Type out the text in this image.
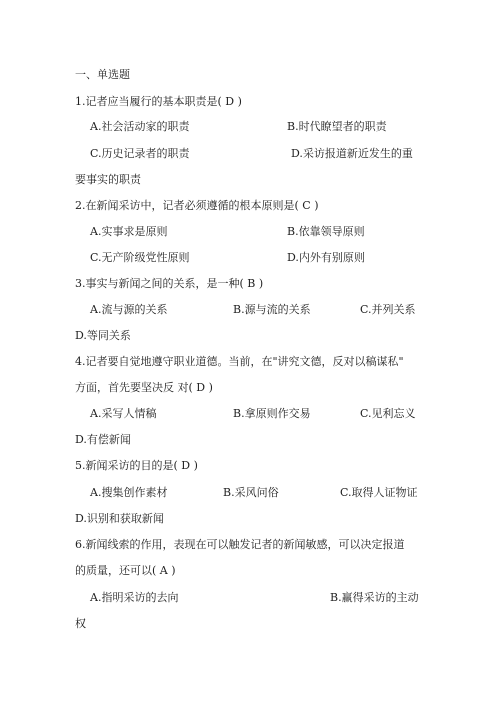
一、单选题
1.记者应当履行的基本职责是( D )
A.社会活动家的职责	B.时代瞭望者的职责
C.历史记录者的职责	D.采访报道新近发生的重
要事实的职责
2.在新闻采访中，记者必须遵循的根本原则是( C )
A.实事求是原则	B.依靠领导原则
C.无产阶级党性原则	D.内外有别原则
3.事实与新闻之间的关系，是一种( B )
A.流与源的关系	B.源与流的关系	C.并列关系
D.等同关系
4.记者要自觉地遵守职业道德。当前，在"讲究文德，反对以稿谋私"
方面，首先要坚决反 对( D )
A.采写人情稿	B.拿原则作交易	C.见利忘义
D.有偿新闻
5.新闻采访的目的是( D )
A.搜集创作素材	B.采风问俗	C.取得人证物证
D.识别和获取新闻
6.新闻线索的作用，表现在可以触发记者的新闻敏感，可以决定报道
的质量，还可以( A )
A.指明采访的去向	B.赢得采访的主动
权
